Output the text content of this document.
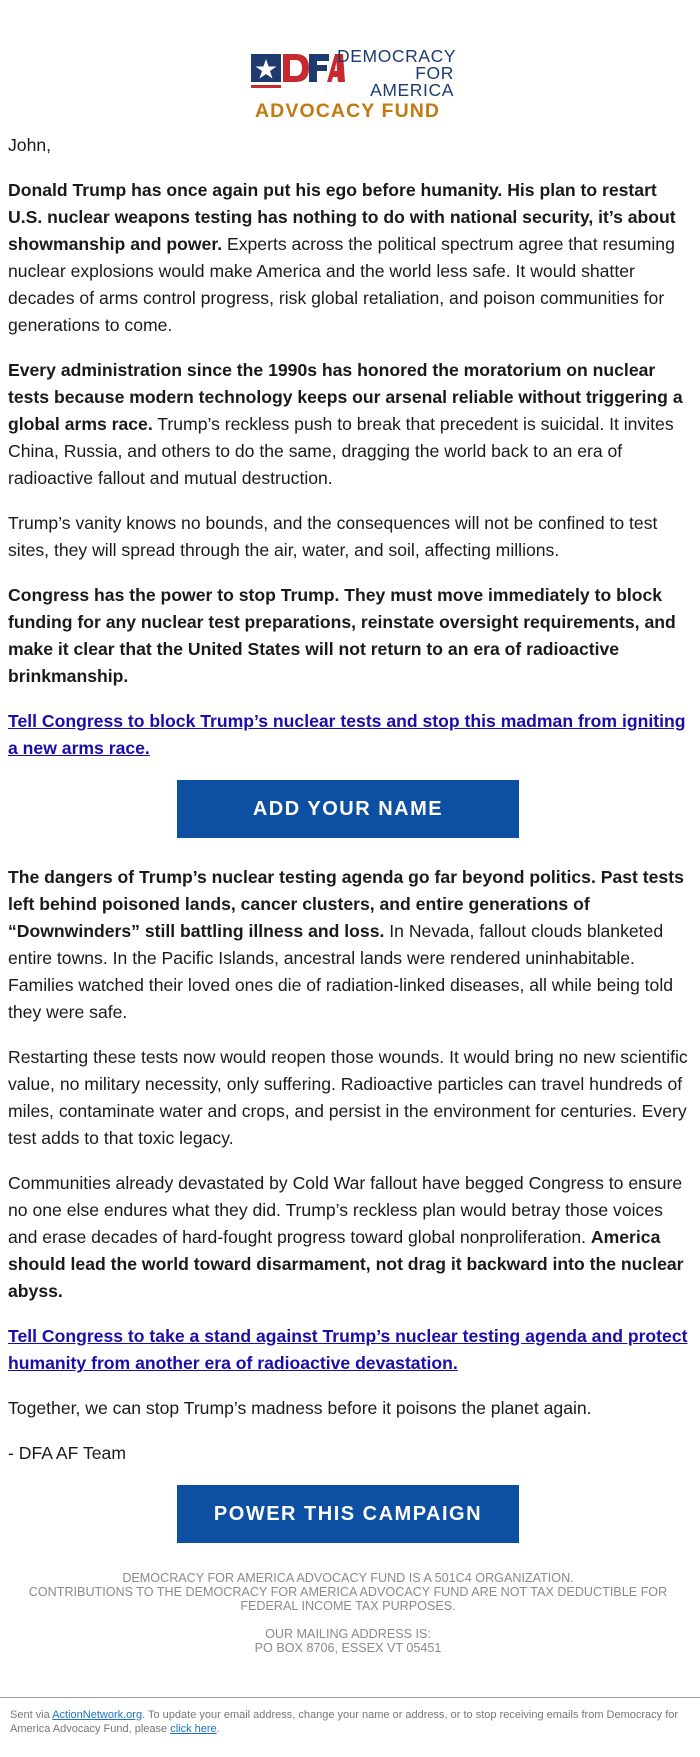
DEMOCRACY
FOR AMERICA
ADVOCACY FUND

John,

Donald Trump has once again put his ego before humanity. His plan to restart U.S. nuclear weapons testing has nothing to do with national security, it’s about showmanship and power. Experts across the political spectrum agree that resuming nuclear explosions would make America and the world less safe. It would shatter decades of arms control progress, risk global retaliation, and poison communities for generations to come.

Every administration since the 1990s has honored the moratorium on nuclear tests because modern technology keeps our arsenal reliable without triggering a global arms race. Trump’s reckless push to break that precedent is suicidal. It invites China, Russia, and others to do the same, dragging the world back to an era of radioactive fallout and mutual destruction.

Trump’s vanity knows no bounds, and the consequences will not be confined to test sites, they will spread through the air, water, and soil, affecting millions.

Congress has the power to stop Trump. They must move immediately to block funding for any nuclear test preparations, reinstate oversight requirements, and make it clear that the United States will not return to an era of radioactive brinkmanship.

Tell Congress to block Trump’s nuclear tests and stop this madman from igniting a new arms race.

ADD YOUR NAME

The dangers of Trump’s nuclear testing agenda go far beyond politics. Past tests left behind poisoned lands, cancer clusters, and entire generations of “Downwinders” still battling illness and loss. In Nevada, fallout clouds blanketed entire towns. In the Pacific Islands, ancestral lands were rendered uninhabitable. Families watched their loved ones die of radiation-linked diseases, all while being told they were safe.

Restarting these tests now would reopen those wounds. It would bring no new scientific value, no military necessity, only suffering. Radioactive particles can travel hundreds of miles, contaminate water and crops, and persist in the environment for centuries. Every test adds to that toxic legacy.

Communities already devastated by Cold War fallout have begged Congress to ensure no one else endures what they did. Trump’s reckless plan would betray those voices and erase decades of hard-fought progress toward global nonproliferation. America should lead the world toward disarmament, not drag it backward into the nuclear abyss.

Tell Congress to take a stand against Trump’s nuclear testing agenda and protect humanity from another era of radioactive devastation.

Together, we can stop Trump’s madness before it poisons the planet again.

- DFA AF Team

POWER THIS CAMPAIGN
DEMOCRACY FOR AMERICA ADVOCACY FUND IS A 501C4 ORGANIZATION.
CONTRIBUTIONS TO THE DEMOCRACY FOR AMERICA ADVOCACY FUND ARE NOT TAX DEDUCTIBLE FOR FEDERAL INCOME TAX PURPOSES.
OUR MAILING ADDRESS IS:
PO BOX 8706, ESSEX VT 05451

Sent via ActionNetwork.org. To update your email address, change your name or address, or to stop receiving emails from Democracy for America Advocacy Fund, please click here.
